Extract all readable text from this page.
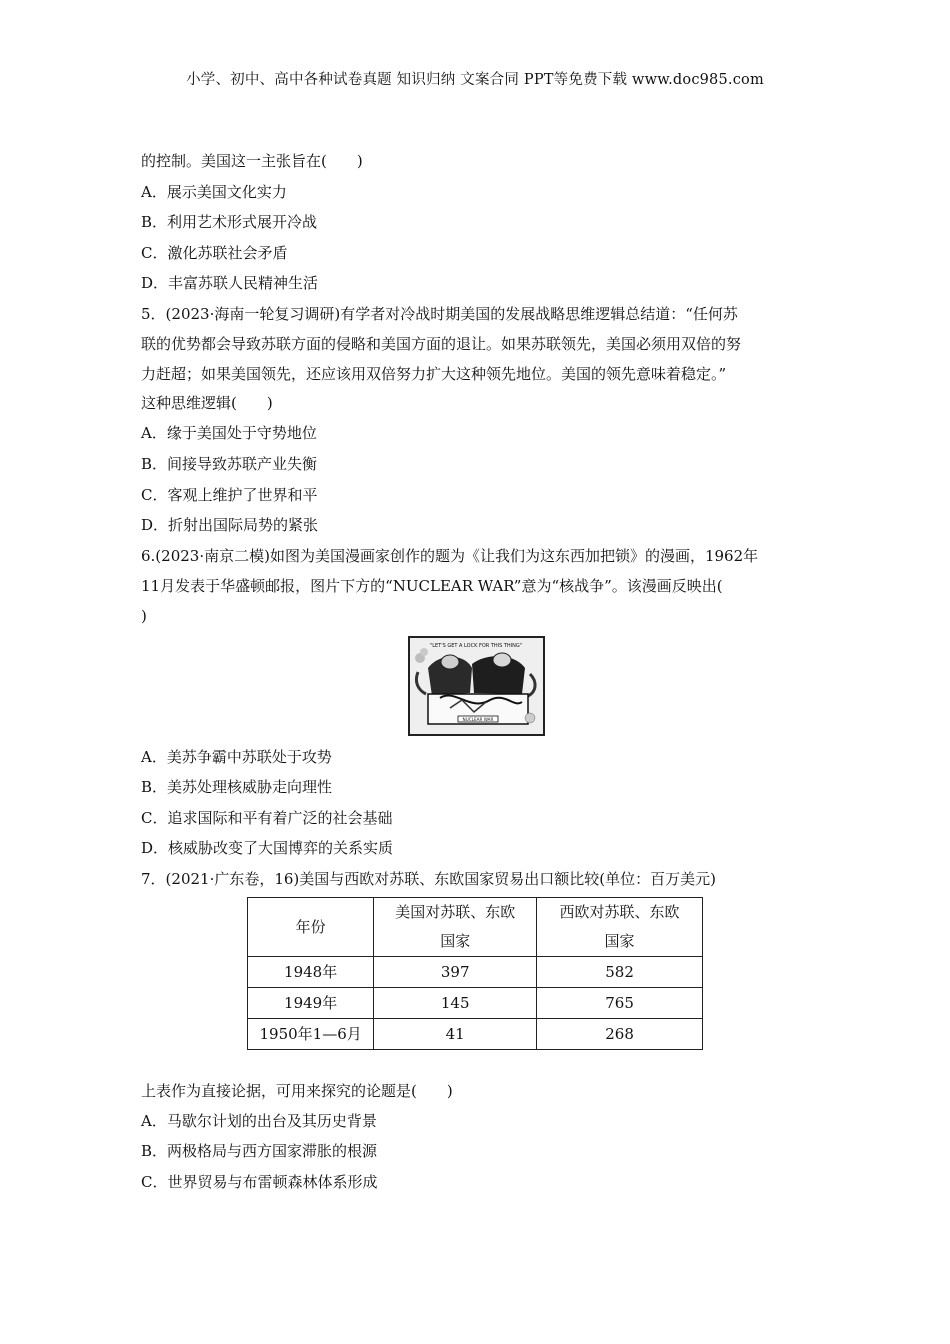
小学、初中、高中各种试卷真题 知识归纳 文案合同 PPT等免费下载 www.doc985.com
的控制。美国这一主张旨在(　　)
A．展示美国文化实力
B．利用艺术形式展开冷战
C．激化苏联社会矛盾
D．丰富苏联人民精神生活
5．(2023·海南一轮复习调研)有学者对冷战时期美国的发展战略思维逻辑总结道：“任何苏
联的优势都会导致苏联方面的侵略和美国方面的退让。如果苏联领先，美国必须用双倍的努
力赶超；如果美国领先，还应该用双倍努力扩大这种领先地位。美国的领先意味着稳定。”
这种思维逻辑(　　)
A．缘于美国处于守势地位
B．间接导致苏联产业失衡
C．客观上维护了世界和平
D．折射出国际局势的紧张
6.(2023·南京二模)如图为美国漫画家创作的题为《让我们为这东西加把锁》的漫画，1962年
11月发表于华盛顿邮报，图片下方的“NUCLEAR WAR”意为“核战争”。该漫画反映出(
)
"LET'S GET A LOCK FOR THIS THING"
NUCLEAR WAR
A．美苏争霸中苏联处于攻势
B．美苏处理核威胁走向理性
C．追求国际和平有着广泛的社会基础
D．核威胁改变了大国博弈的关系实质
7．(2021·广东卷，16)美国与西欧对苏联、东欧国家贸易出口额比较(单位：百万美元)
年份	美国对苏联、东欧国家	西欧对苏联、东欧国家
1948年	397	582
1949年	145	765
1950年1—6月	41	268
上表作为直接论据，可用来探究的论题是(　　)
A．马歇尔计划的出台及其历史背景
B．两极格局与西方国家滞胀的根源
C．世界贸易与布雷顿森林体系形成
